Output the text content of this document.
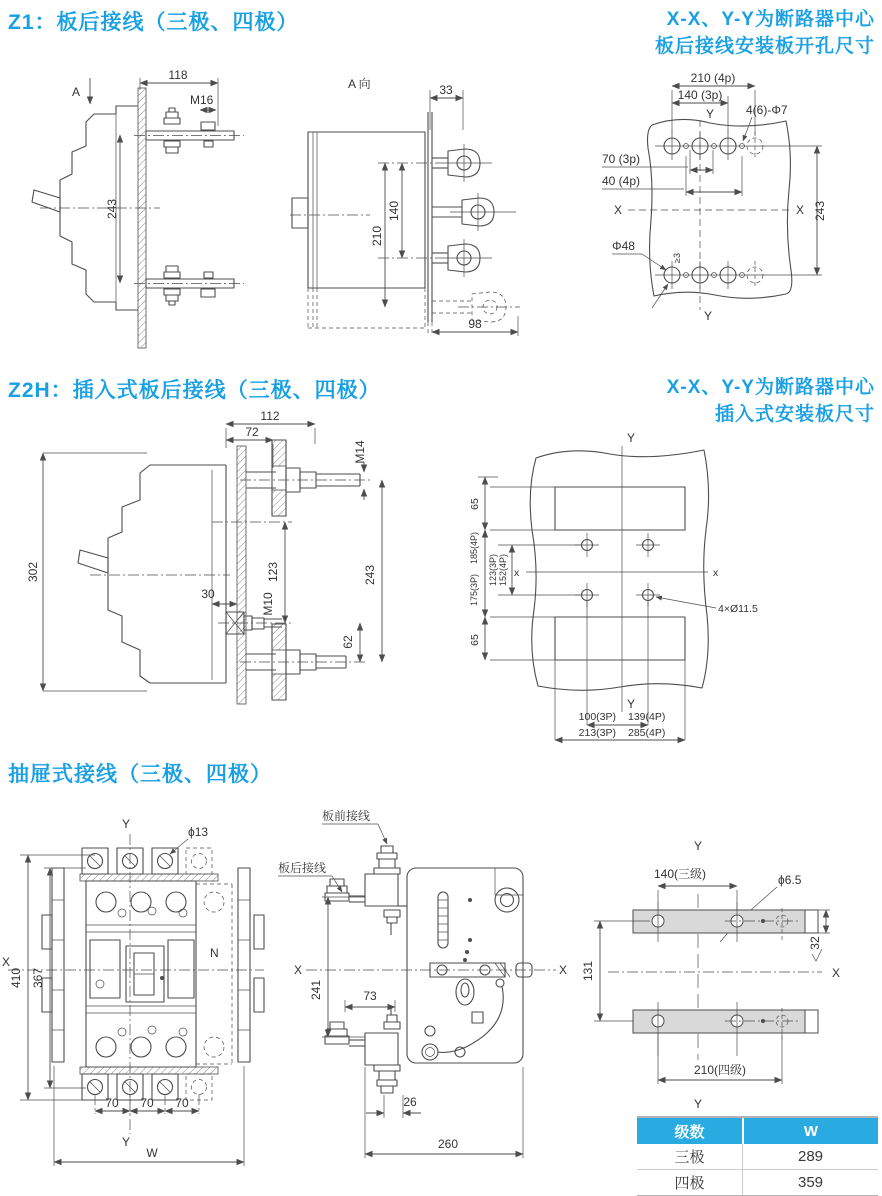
Z1：板后接线（三极、四极）	X-X、Y-Y为断路器中心
板后接线安装板开孔尺寸
Z2H：插入式板后接线（三极、四极）	X-X、Y-Y为断路器中心
插入式安装板尺寸
抽屉式接线（三极、四极）
A
118
M16
243
A 向	33
140
210
98
Y
Y
X	X
210 (4p)
140 (3p)
4(6)-Φ7
70 (3p)
40 (4p)
243
Φ48
≥3
M14
M10
112
72
302	123	243
62
30
Y
x	x
4×Ø11.5
65
185(4P)
175(3P)
65
123(3P) 152(4P)
Y
100(3P) 139(4P)
213(3P) 285(4P)
Y
ϕ13
N
X
410 367
70 70 70
Y
W
板前接线
板后接线
X	X
241	73
26
260
Y
140(三级)	ϕ6.5
32
X
131
210(四级)
Y
级数	W
三极	289
四极	359
